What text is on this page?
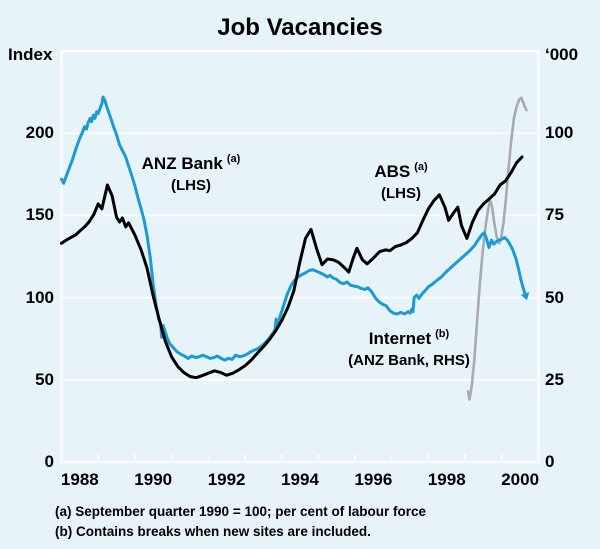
Job Vacancies
Index	‘000
0
50
100
150
200
0
25
50
75
100
1988	1990	1992	1994	1996	1998	2000
ANZ Bank $^{(a)}$
(LHS)
ABS $^{(a)}$
(LHS)
Internet $^{(b)}$
(ANZ Bank, RHS)
(a) September quarter 1990 = 100; per cent of labour force
(b) Contains breaks when new sites are included.
